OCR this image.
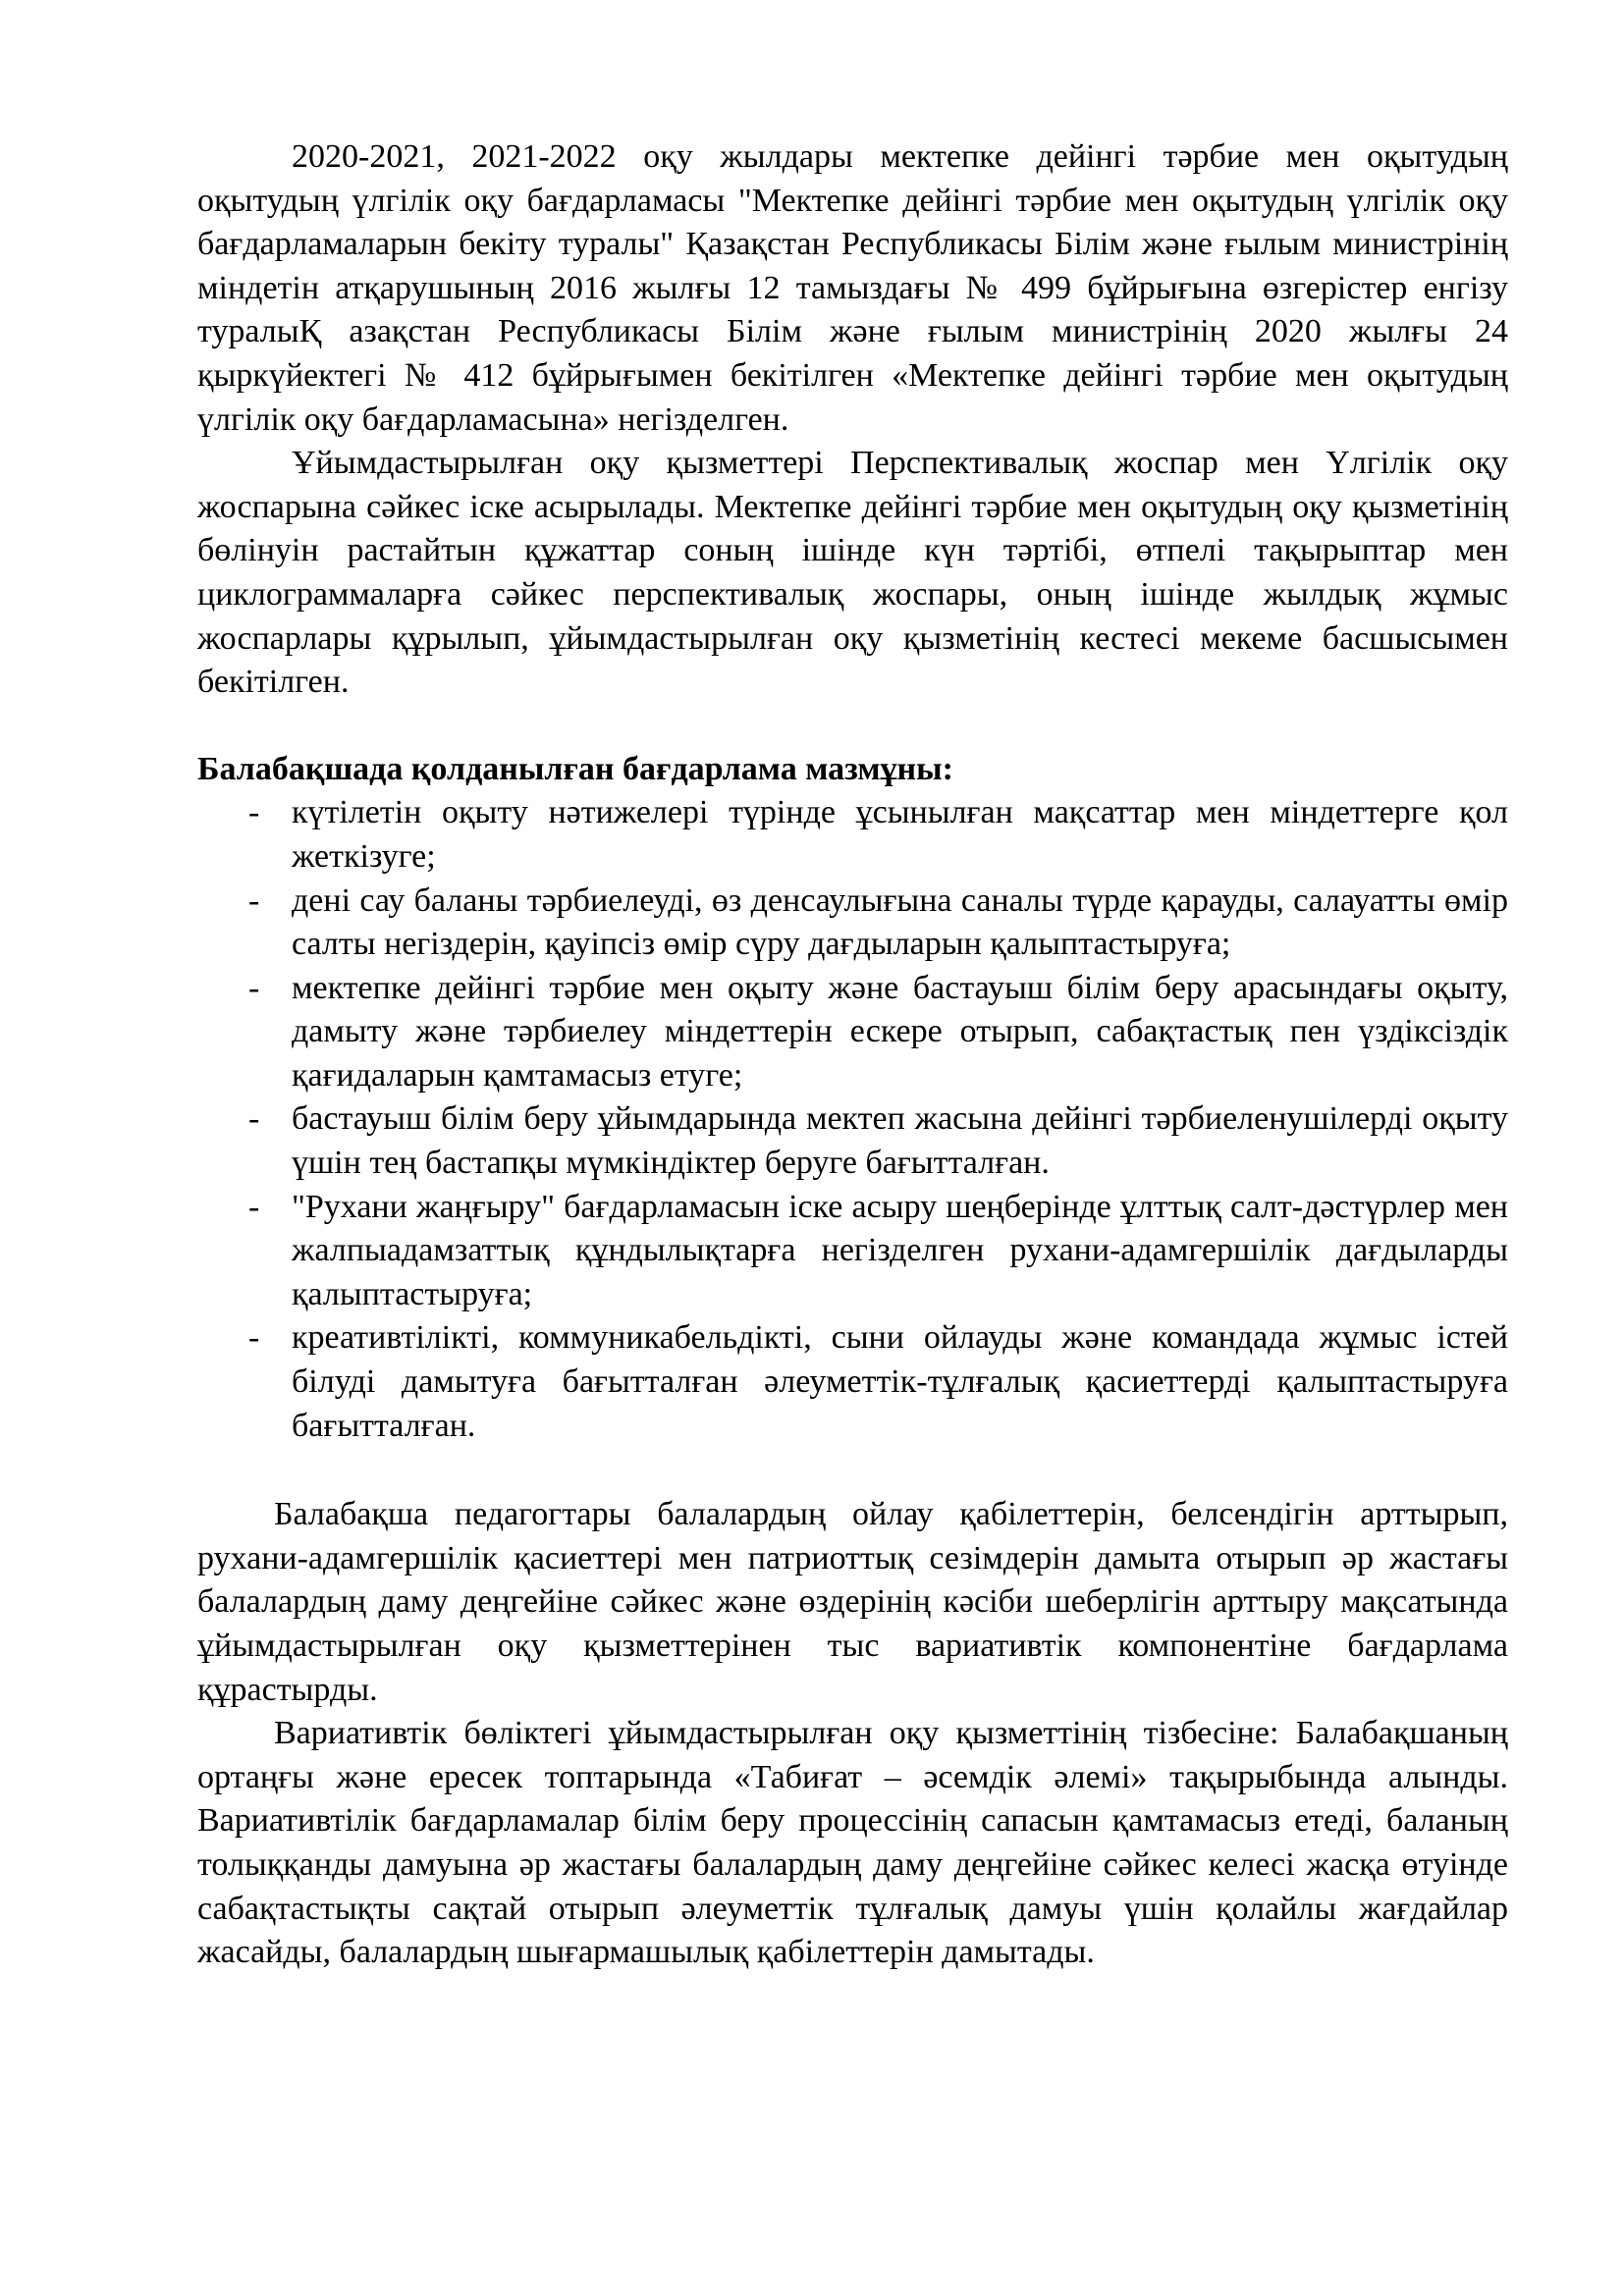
2020-2021, 2021-2022 оқу жылдары мектепке дейінгі тәрбие мен оқытудың оқытудың үлгілік оқу бағдарламасы "Мектепке дейінгі тәрбие мен оқытудың үлгілік оқу бағдарламаларын бекіту туралы" Қазақстан Республикасы Білім және ғылым министрінің міндетін атқарушының 2016 жылғы 12 тамыздағы № 499 бұйрығына өзгерістер енгізу туралыҚ азақстан Республикасы Білім және ғылым министрінің 2020 жылғы 24 қыркүйектегі № 412 бұйрығымен бекітілген «Мектепке дейінгі тәрбие мен оқытудың үлгілік оқу бағдарламасына» негізделген.

Ұйымдастырылған оқу қызметтері Перспективалық жоспар мен Үлгілік оқу жоспарына сәйкес іске асырылады. Мектепке дейінгі тәрбие мен оқытудың оқу қызметінің бөлінуін растайтын құжаттар соның ішінде күн тәртібі, өтпелі тақырыптар мен циклограммаларға сәйкес перспективалық жоспары, оның ішінде жылдық жұмыс жоспарлары құрылып, ұйымдастырылған оқу қызметінің кестесі мекеме басшысымен бекітілген.

Балабақшада қолданылған бағдарлама мазмұны:

- күтілетін оқыту нәтижелері түрінде ұсынылған мақсаттар мен міндеттерге қол жеткізуге;
- дені сау баланы тәрбиелеуді, өз денсаулығына саналы түрде қарауды, салауатты өмір салты негіздерін, қауіпсіз өмір сүру дағдыларын қалыптастыруға;
- мектепке дейінгі тәрбие мен оқыту және бастауыш білім беру арасындағы оқыту, дамыту және тәрбиелеу міндеттерін ескере отырып, сабақтастық пен үздіксіздік қағидаларын қамтамасыз етуге;
- бастауыш білім беру ұйымдарында мектеп жасына дейінгі тәрбиеленушілерді оқыту үшін тең бастапқы мүмкіндіктер беруге бағытталған.
- "Рухани жаңғыру" бағдарламасын іске асыру шеңберінде ұлттық салт-дәстүрлер мен жалпыадамзаттық құндылықтарға негізделген рухани-адамгершілік дағдыларды қалыптастыруға;
- креативтілікті, коммуникабельдікті, сыни ойлауды және командада жұмыс істей білуді дамытуға бағытталған әлеуметтік-тұлғалық қасиеттерді қалыптастыруға бағытталған.

Балабақша педагогтары балалардың ойлау қабілеттерін, белсендігін арттырып, рухани-адамгершілік қасиеттері мен патриоттық сезімдерін дамыта отырып әр жастағы балалардың даму деңгейіне сәйкес және өздерінің кәсіби шеберлігін арттыру мақсатында ұйымдастырылған оқу қызметтерінен тыс вариативтік компонентіне бағдарлама құрастырды.

Вариативтік бөліктегі ұйымдастырылған оқу қызметтінің тізбесіне: Балабақшаның ортаңғы және ересек топтарында «Табиғат – әсемдік әлемі» тақырыбында алынды. Вариативтілік бағдарламалар білім беру процессінің сапасын қамтамасыз етеді, баланың толыққанды дамуына әр жастағы балалардың даму деңгейіне сәйкес келесі жасқа өтуінде сабақтастықты сақтай отырып әлеуметтік тұлғалық дамуы үшін қолайлы жағдайлар жасайды, балалардың шығармашылық қабілеттерін дамытады.
